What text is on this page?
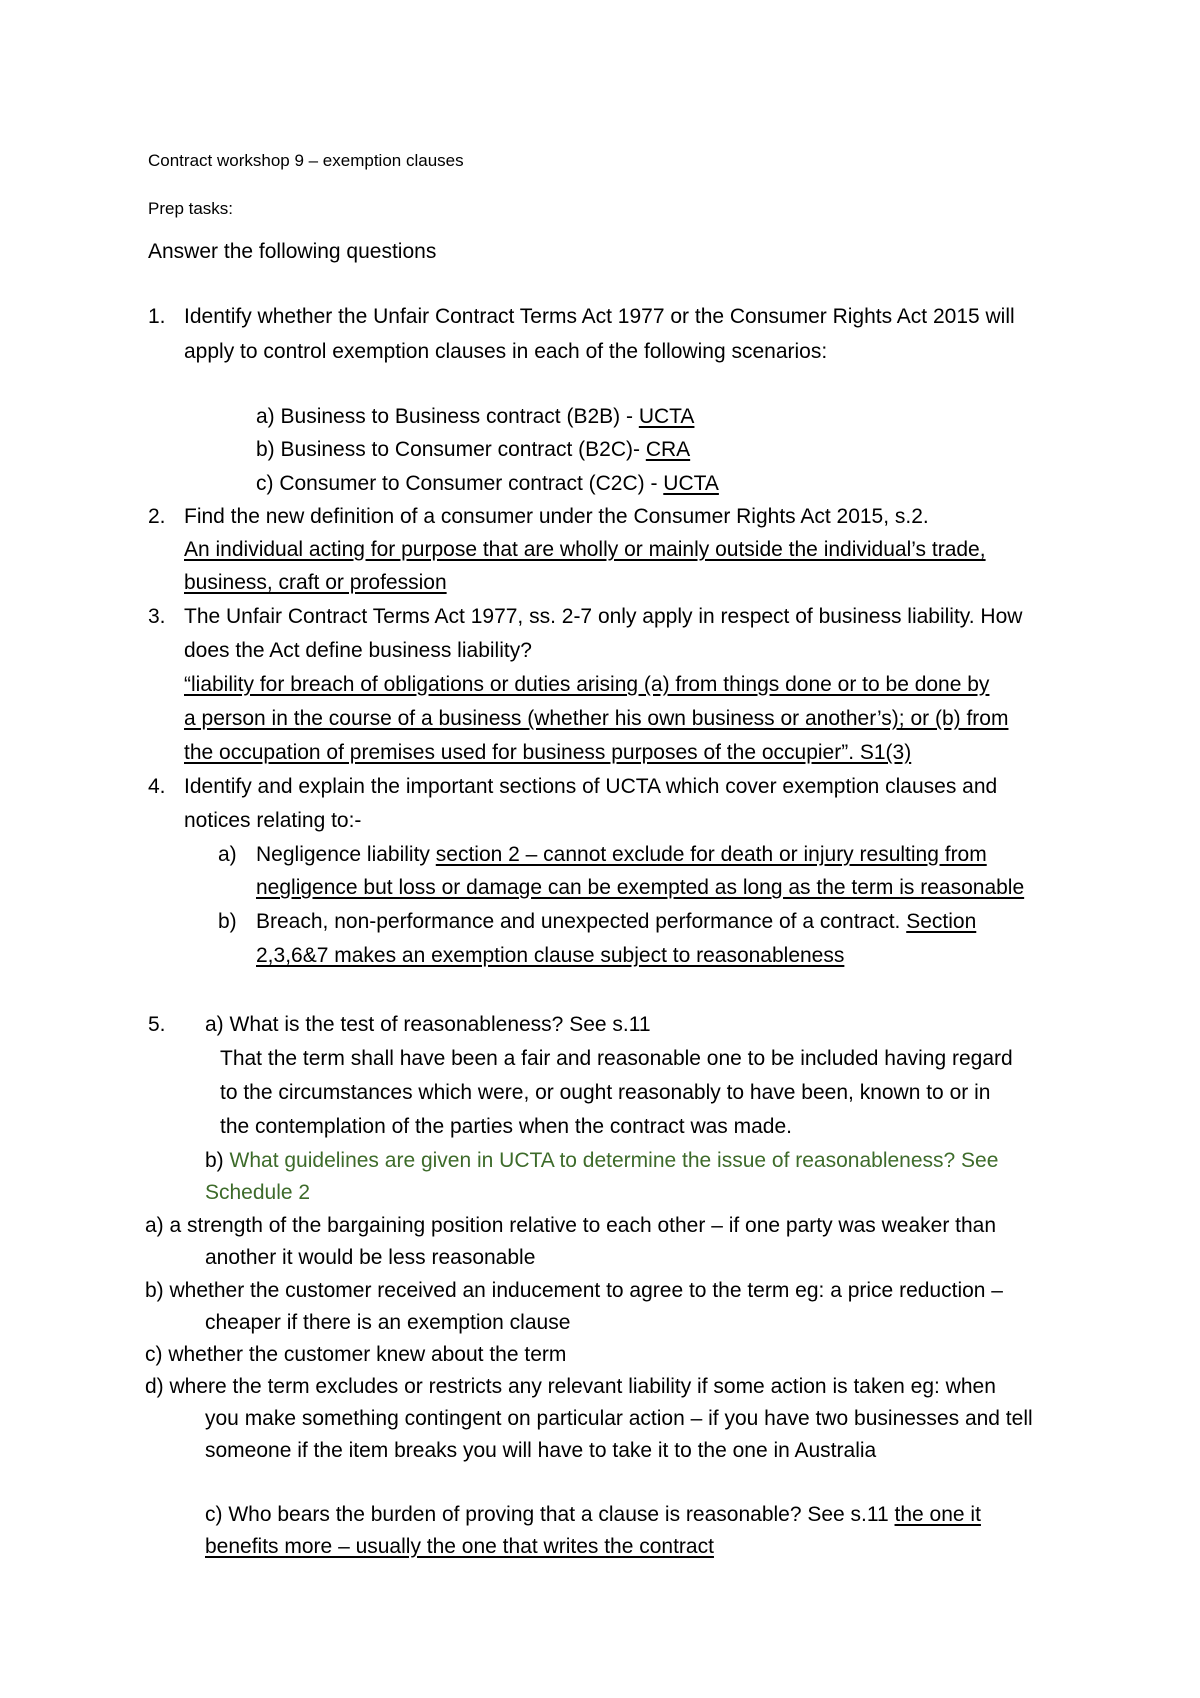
Contract workshop 9 – exemption clauses
Prep tasks:
Answer the following questions
1. Identify whether the Unfair Contract Terms Act 1977 or the Consumer Rights Act 2015 will
apply to control exemption clauses in each of the following scenarios:
a) Business to Business contract (B2B) - UCTA
b) Business to Consumer contract (B2C)- CRA
c) Consumer to Consumer contract (C2C) - UCTA
2. Find the new definition of a consumer under the Consumer Rights Act 2015, s.2.
An individual acting for purpose that are wholly or mainly outside the individual’s trade,
business, craft or profession
3. The Unfair Contract Terms Act 1977, ss. 2-7 only apply in respect of business liability. How
does the Act define business liability?
“liability for breach of obligations or duties arising (a) from things done or to be done by
a person in the course of a business (whether his own business or another’s); or (b) from
the occupation of premises used for business purposes of the occupier”. S1(3)
4. Identify and explain the important sections of UCTA which cover exemption clauses and
notices relating to:-
a) Negligence liability section 2 – cannot exclude for death or injury resulting from
negligence but loss or damage can be exempted as long as the term is reasonable
b) Breach, non-performance and unexpected performance of a contract. Section
2,3,6&7 makes an exemption clause subject to reasonableness
5. a) What is the test of reasonableness? See s.11
That the term shall have been a fair and reasonable one to be included having regard
to the circumstances which were, or ought reasonably to have been, known to or in
the contemplation of the parties when the contract was made.
b) What guidelines are given in UCTA to determine the issue of reasonableness? See
Schedule 2
a) a strength of the bargaining position relative to each other – if one party was weaker than
another it would be less reasonable
b) whether the customer received an inducement to agree to the term eg: a price reduction –
cheaper if there is an exemption clause
c) whether the customer knew about the term
d) where the term excludes or restricts any relevant liability if some action is taken eg: when
you make something contingent on particular action – if you have two businesses and tell
someone if the item breaks you will have to take it to the one in Australia
c) Who bears the burden of proving that a clause is reasonable? See s.11 the one it
benefits more – usually the one that writes the contract
